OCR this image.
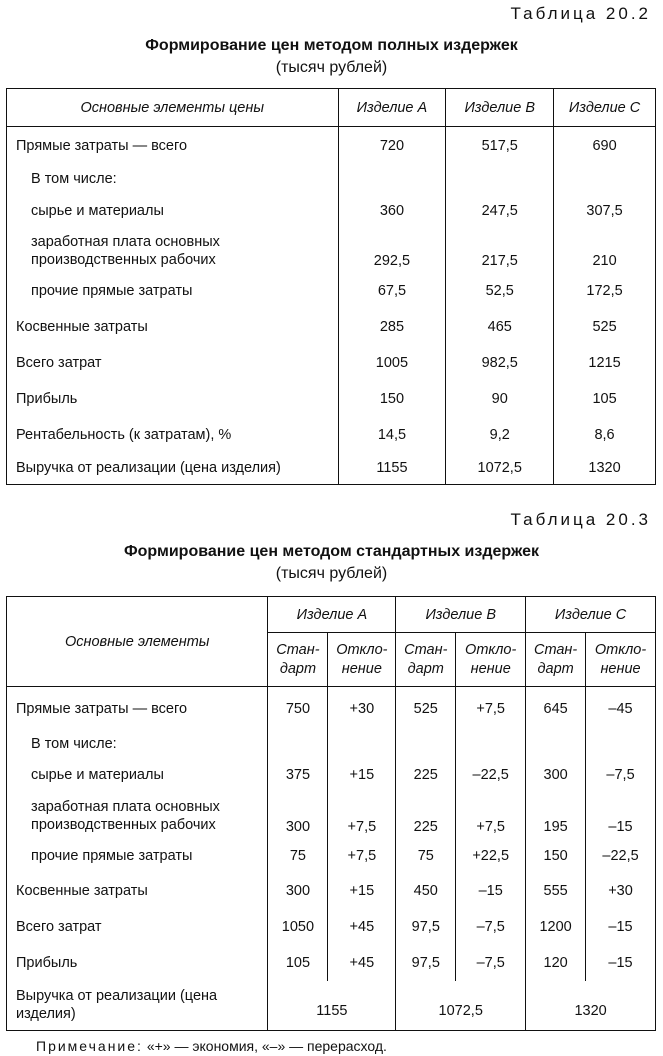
Таблица 20.2
Формирование цен методом полных издержек
(тысяч рублей)
Основные элементы цены	Изделие А	Изделие В	Изделие С
Прямые затраты — всего	720	517,5	690
В том числе:			
сырье и материалы	360	247,5	307,5
заработная плата основных производственных рабочих	292,5	217,5	210
прочие прямые затраты	67,5	52,5	172,5
Косвенные затраты	285	465	525
Всего затрат	1005	982,5	1215
Прибыль	150	90	105
Рентабельность (к затратам), %	14,5	9,2	8,6
Выручка от реализации (цена изделия)	1155	1072,5	1320
Таблица 20.3
Формирование цен методом стандартных издержек
(тысяч рублей)
Основные элементы	Изделие А		Изделие В		Изделие С	
	Стан- дарт	Откло- нение	Стан- дарт	Откло- нение	Стан- дарт	Откло- нение
Прямые затраты — всего	750	+30	525	+7,5	645	–45
В том числе:						
сырье и материалы	375	+15	225	–22,5	300	–7,5
заработная плата основных производственных рабочих	300	+7,5	225	+7,5	195	–15
прочие прямые затраты	75	+7,5	75	+22,5	150	–22,5
Косвенные затраты	300	+15	450	–15	555	+30
Всего затрат	1050	+45	97,5	–7,5	1200	–15
Прибыль	105	+45	97,5	–7,5	120	–15
Выручка от реализации (цена изделия)	1155		1072,5		1320	
Примечание: «+» — экономия, «–» — перерасход.
